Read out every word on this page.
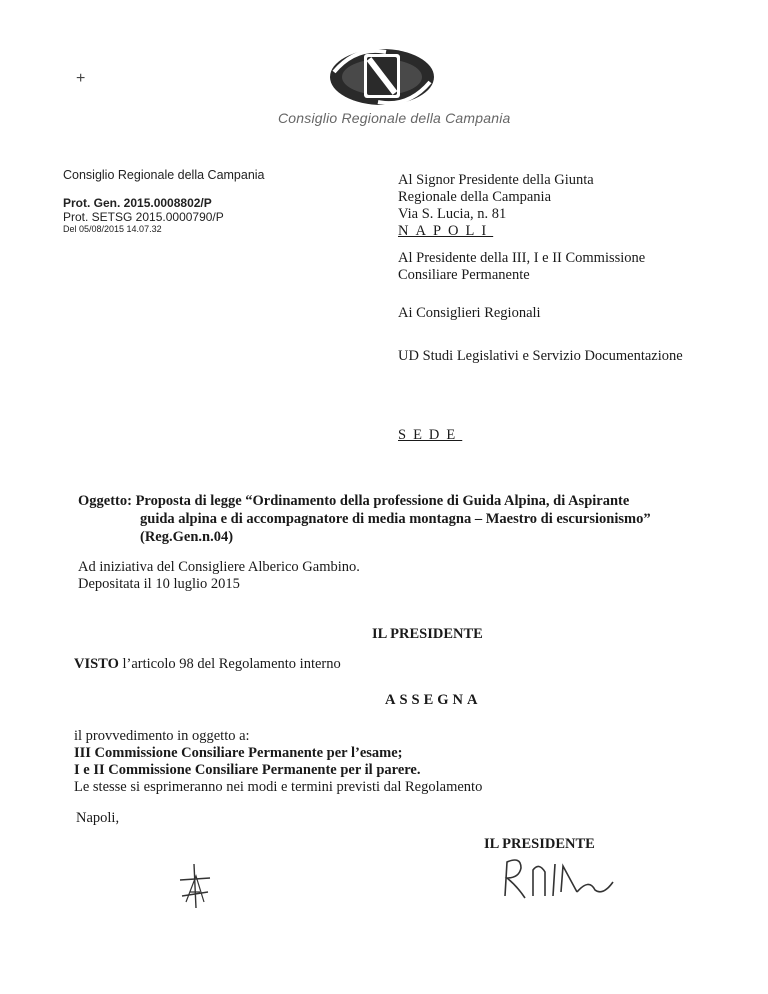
+
Consiglio Regionale della Campania
Consiglio Regionale della Campania
Prot. Gen. 2015.0008802/P
Prot. SETSG 2015.0000790/P
Del 05/08/2015 14.07.32
Al Signor Presidente della Giunta
Regionale della Campania
Via S. Lucia, n. 81
NAPOLI
Al Presidente della III, I e II Commissione
Consiliare Permanente
Ai Consiglieri Regionali
UD Studi Legislativi e Servizio Documentazione
SEDE
Oggetto: Proposta di legge “Ordinamento della professione di Guida Alpina, di Aspirante
guida alpina e di accompagnatore di media montagna – Maestro di escursionismo”
(Reg.Gen.n.04)
Ad iniziativa del Consigliere Alberico Gambino.
Depositata il 10 luglio 2015
IL PRESIDENTE
VISTO l’articolo 98 del Regolamento interno
ASSEGNA
il provvedimento in oggetto a:
III Commissione Consiliare Permanente per l’esame;
I e II Commissione Consiliare Permanente per il parere.
Le stesse si esprimeranno nei modi e termini previsti dal Regolamento
Napoli,
IL PRESIDENTE
